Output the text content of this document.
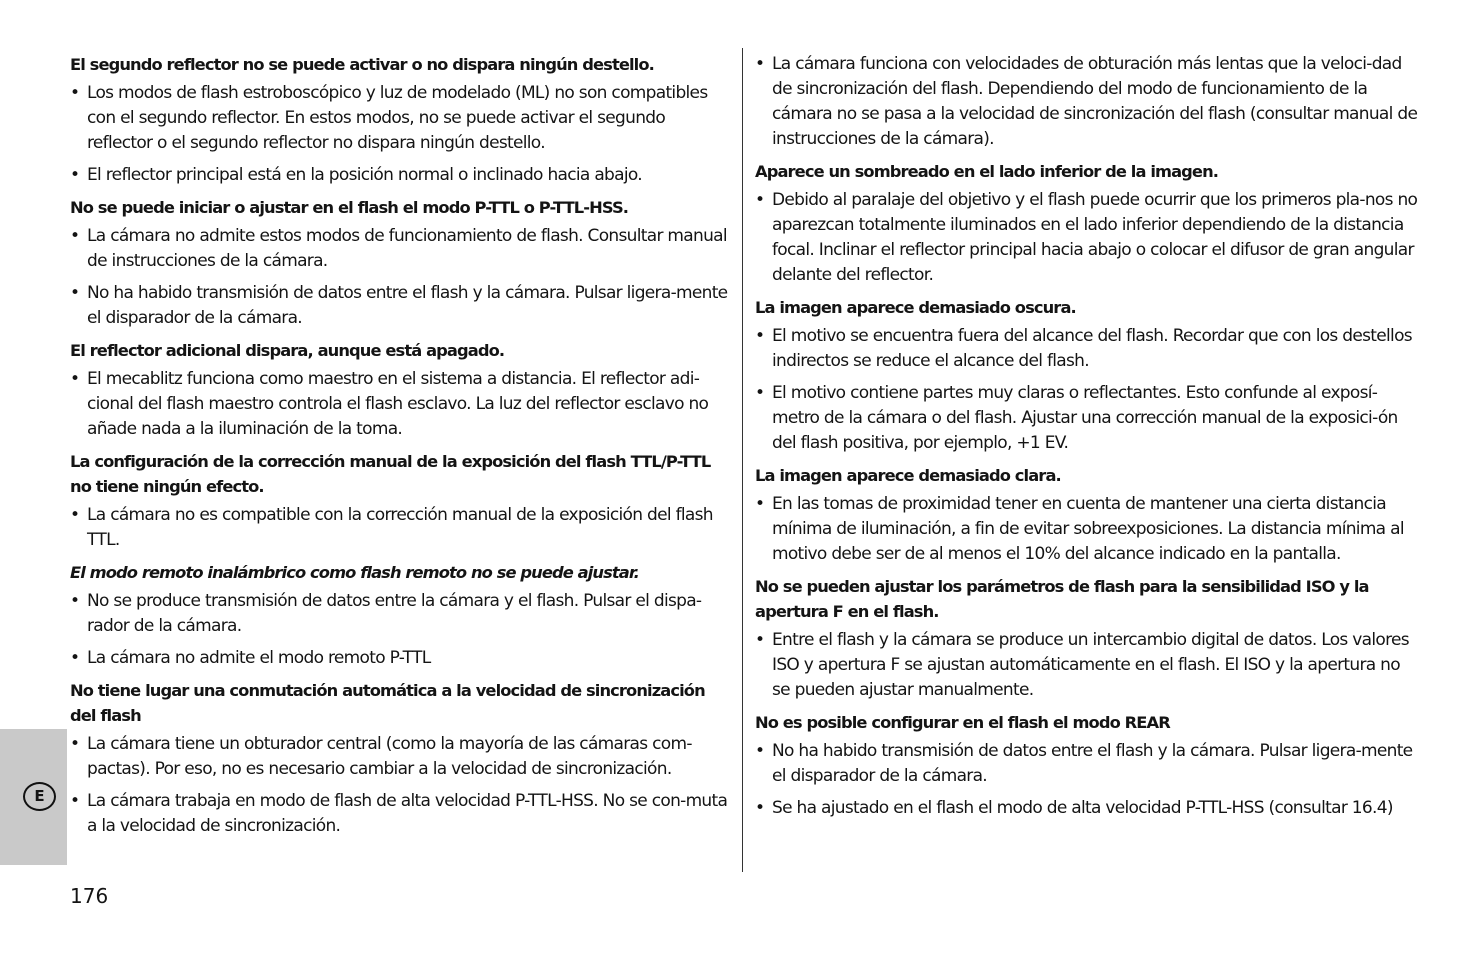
El segundo reflector no se puede activar o no dispara ningún destello.
• Los modos de flash estroboscópico y luz de modelado (ML) no son compatibles con el segundo reflector. En estos modos, no se puede activar el segundo reflector o el segundo reflector no dispara ningún destello.
• El reflector principal está en la posición normal o inclinado hacia abajo.
No se puede iniciar o ajustar en el flash el modo P-TTL o P-TTL-HSS.
• La cámara no admite estos modos de funcionamiento de flash. Consultar manual de instrucciones de la cámara.
• No ha habido transmisión de datos entre el flash y la cámara. Pulsar ligera-mente el disparador de la cámara.
El reflector adicional dispara, aunque está apagado.
• El mecablitz funciona como maestro en el sistema a distancia. El reflector adi-cional del flash maestro controla el flash esclavo. La luz del reflector esclavo no añade nada a la iluminación de la toma.
La configuración de la corrección manual de la exposición del flash TTL/P-TTL no tiene ningún efecto.
• La cámara no es compatible con la corrección manual de la exposición del flash TTL.
El modo remoto inalámbrico como flash remoto no se puede ajustar.
• No se produce transmisión de datos entre la cámara y el flash. Pulsar el dispa-rador de la cámara.
• La cámara no admite el modo remoto P-TTL
No tiene lugar una conmutación automática a la velocidad de sincronización del flash
• La cámara tiene un obturador central (como la mayoría de las cámaras com-pactas). Por eso, no es necesario cambiar a la velocidad de sincronización.
• La cámara trabaja en modo de flash de alta velocidad P-TTL-HSS. No se con-muta a la velocidad de sincronización.
• La cámara funciona con velocidades de obturación más lentas que la veloci-dad de sincronización del flash. Dependiendo del modo de funcionamiento de la cámara no se pasa a la velocidad de sincronización del flash (consultar manual de instrucciones de la cámara).
Aparece un sombreado en el lado inferior de la imagen.
• Debido al paralaje del objetivo y el flash puede ocurrir que los primeros pla-nos no aparezcan totalmente iluminados en el lado inferior dependiendo de la distancia focal. Inclinar el reflector principal hacia abajo o colocar el difusor de gran angular delante del reflector.
La imagen aparece demasiado oscura.
• El motivo se encuentra fuera del alcance del flash. Recordar que con los destellos indirectos se reduce el alcance del flash.
• El motivo contiene partes muy claras o reflectantes. Esto confunde al exposí-metro de la cámara o del flash. Ajustar una corrección manual de la exposici-ón del flash positiva, por ejemplo, +1 EV.
La imagen aparece demasiado clara.
• En las tomas de proximidad tener en cuenta de mantener una cierta distancia mínima de iluminación, a fin de evitar sobreexposiciones. La distancia mínima al motivo debe ser de al menos el 10% del alcance indicado en la pantalla.
No se pueden ajustar los parámetros de flash para la sensibilidad ISO y la apertura F en el flash.
• Entre el flash y la cámara se produce un intercambio digital de datos. Los valores ISO y apertura F se ajustan automáticamente en el flash. El ISO y la apertura no se pueden ajustar manualmente.
No es posible configurar en el flash el modo REAR
• No ha habido transmisión de datos entre el flash y la cámara. Pulsar ligera-mente el disparador de la cámara.
• Se ha ajustado en el flash el modo de alta velocidad P-TTL-HSS (consultar 16.4)
E
176
